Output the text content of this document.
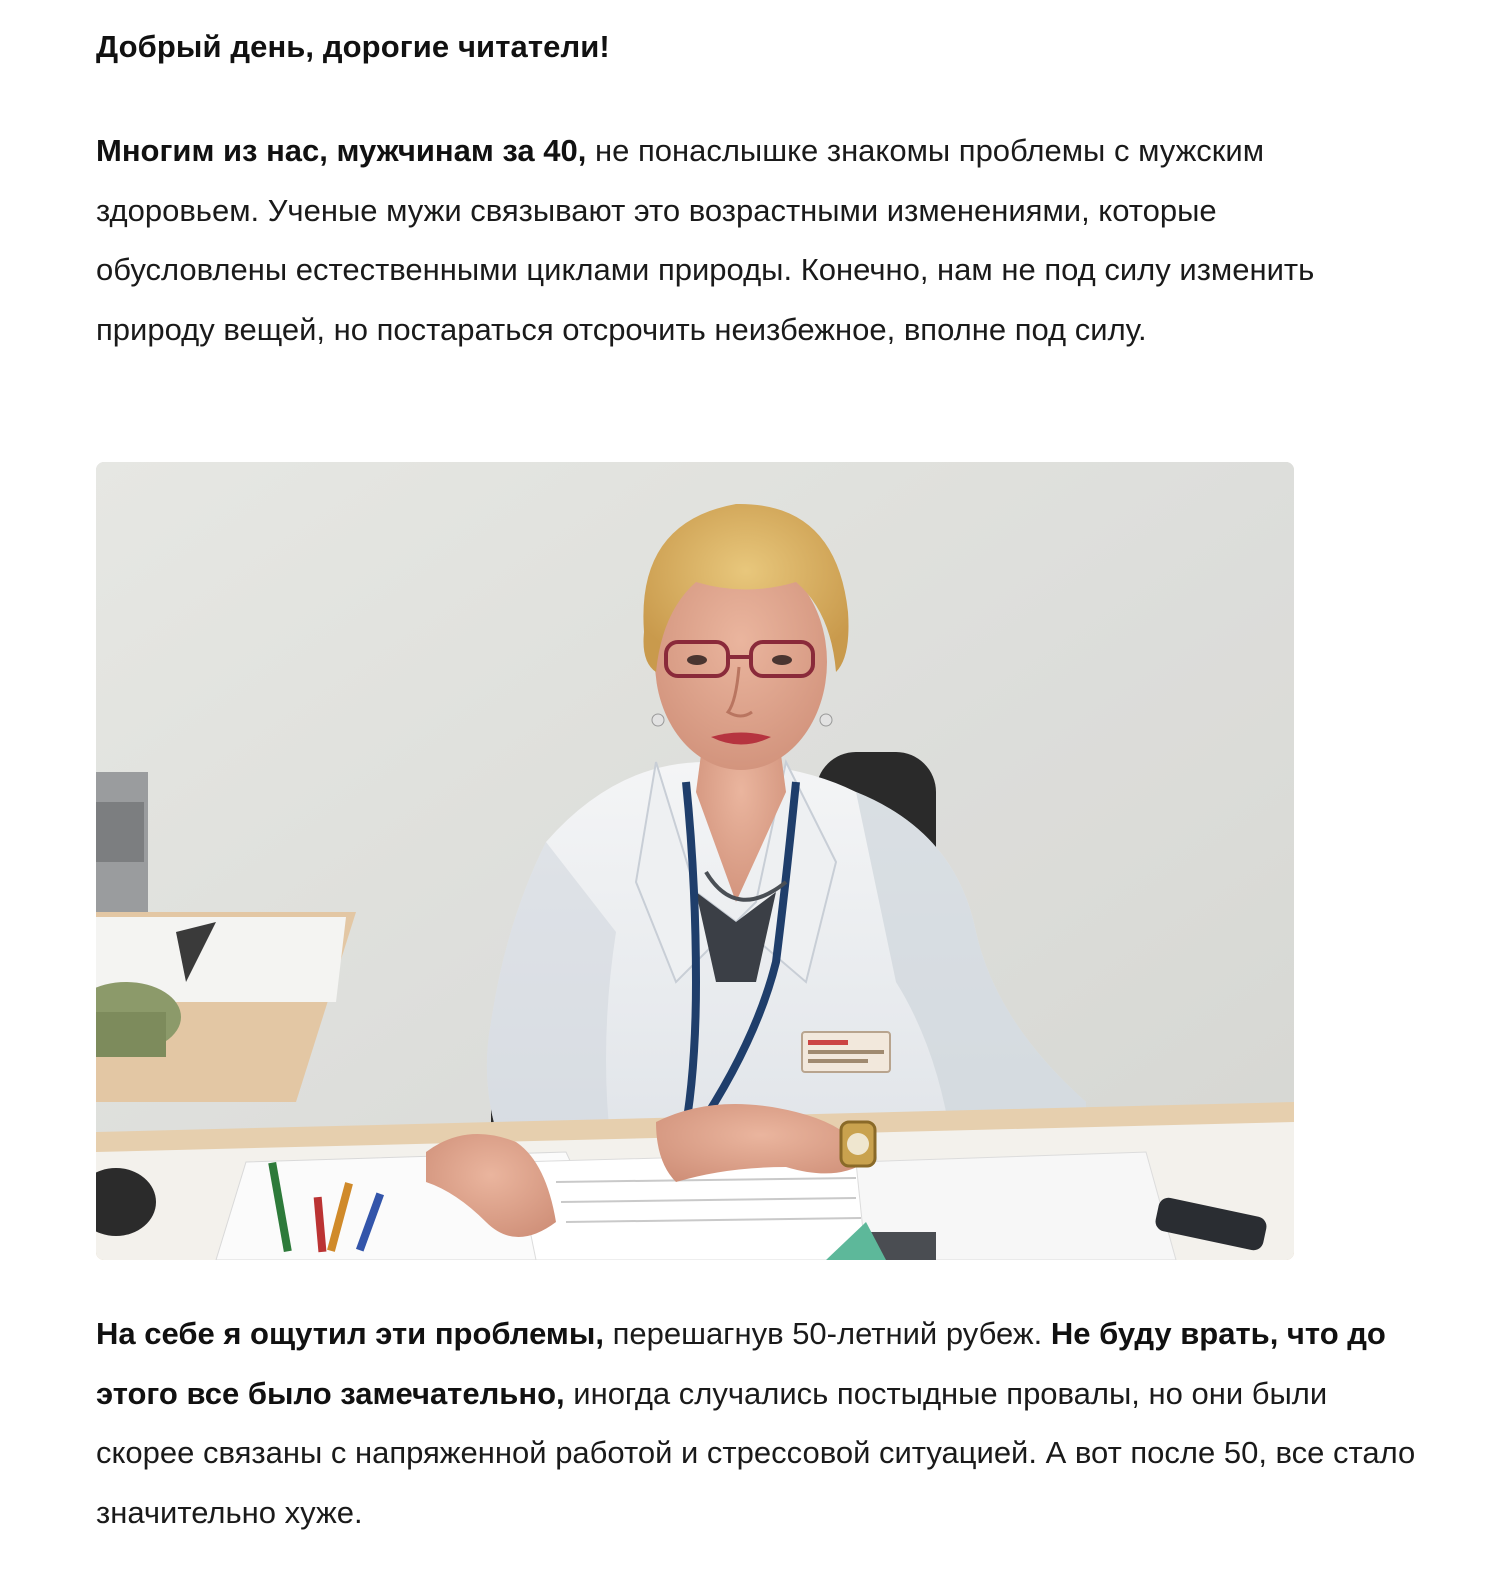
Добрый день, дорогие читатели!

Многим из нас, мужчинам за 40, не понаслышке знакомы проблемы с мужским здоровьем. Ученые мужи связывают это возрастными изменениями, которые обусловлены естественными циклами природы. Конечно, нам не под силу изменить природу вещей, но постараться отсрочить неизбежное, вполне под силу.

На себе я ощутил эти проблемы, перешагнув 50-летний рубеж. Не буду врать, что до этого все было замечательно, иногда случались постыдные провалы, но они были скорее связаны с напряженной работой и стрессовой ситуацией. А вот после 50, все стало значительно хуже.
